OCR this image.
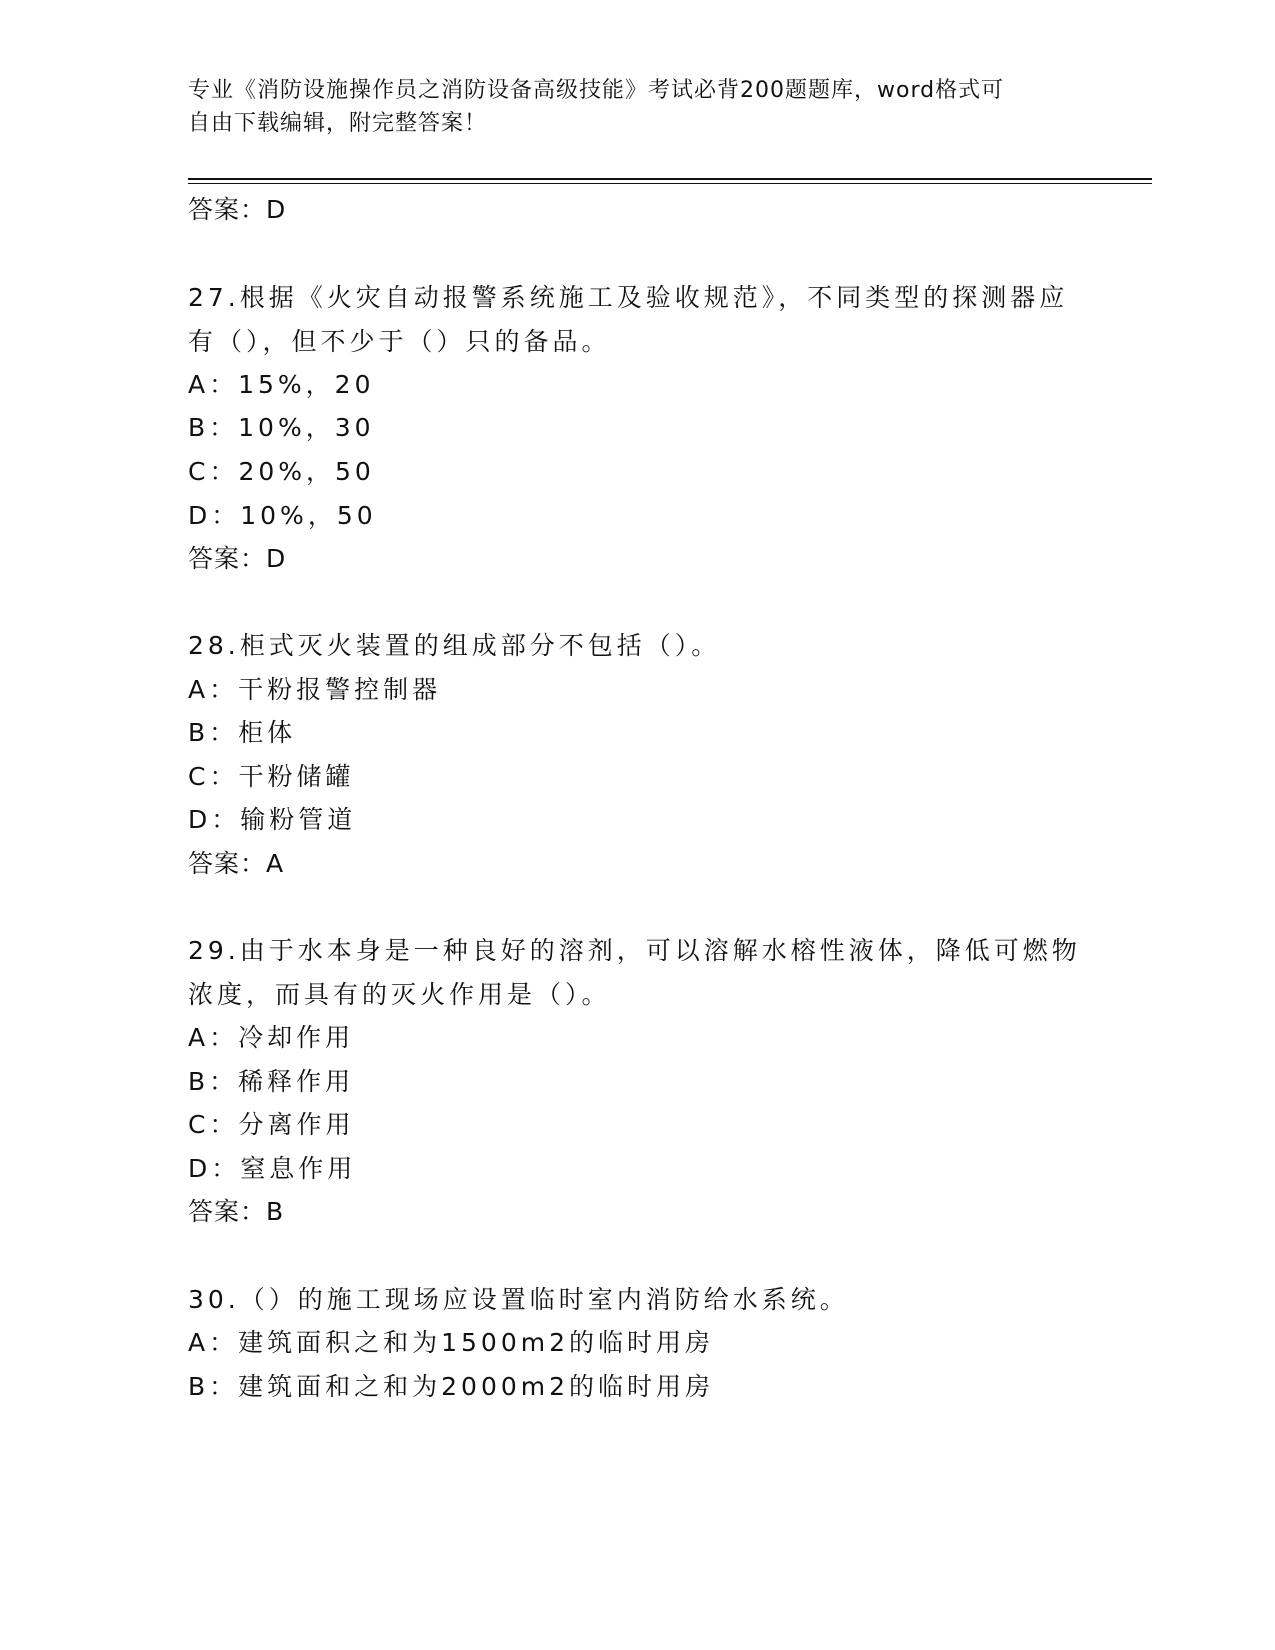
专业《消防设施操作员之消防设备高级技能》考试必背200题题库，word格式可
自由下载编辑，附完整答案！
答案：D
27.根据《火灾自动报警系统施工及验收规范》，不同类型的探测器应
有（），但不少于（）只的备品。
A：15%，20
B：10%，30
C：20%，50
D：10%，50
答案：D
28.柜式灭火装置的组成部分不包括（）。
A：干粉报警控制器
B：柜体
C：干粉储罐
D：输粉管道
答案：A
29.由于水本身是一种良好的溶剂，可以溶解水榕性液体，降低可燃物
浓度，而具有的灭火作用是（）。
A：冷却作用
B：稀释作用
C：分离作用
D：窒息作用
答案：B
30.（）的施工现场应设置临时室内消防给水系统。
A：建筑面积之和为1500m2的临时用房
B：建筑面和之和为2000m2的临时用房
